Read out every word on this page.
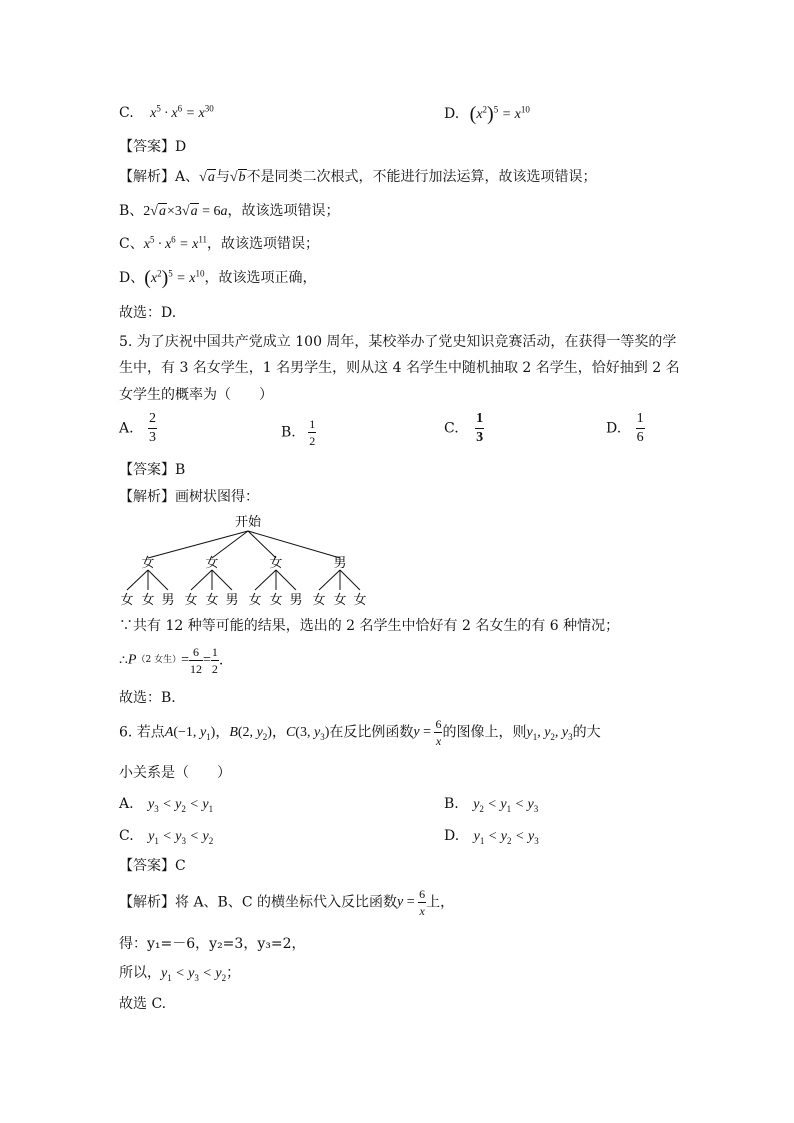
C. $x^5 \cdot x^6 = x^{30}$	D. $(x^2)^5 = x^{10}$
【答案】D
【解析】A、√a与√b不是同类二次根式，不能进行加法运算，故该选项错误；
B、2√a×3√a = 6a，故该选项错误；
C、$x^5 \cdot x^6 = x^{11}$，故该选项错误；
D、$(x^2)^5 = x^{10}$，故该选项正确，
故选：D.
5. 为了庆祝中国共产党成立 100 周年，某校举办了党史知识竞赛活动，在获得一等奖的学
生中，有 3 名女学生，1 名男学生，则从这 4 名学生中随机抽取 2 名学生，恰好抽到 2 名
女学生的概率为（　　）
A. $\frac{2}{3}$	B. $\frac{1}{2}$	C. $\frac{1}{3}$	D. $\frac{1}{6}$
【答案】B
【解析】画树状图得：
开始
女	女	女	男
女 女 男 女 女 男 女 女 男 女 女 女
∵共有 12 种等可能的结果，选出的 2 名学生中恰好有 2 名女生的有 6 种情况；
∴P（2 女生）= $\frac{6}{12} = \frac{1}{2}$ .
故选：B.
6. 若点A(−1, $y_1$)，B(2, $y_2$)，C(3, $y_3$)在反比例函数$y = \frac{6}{x}$ 的图像上，则$y_1$, $y_2$, $y_3$的大
小关系是（　　）
A. $y_3 < y_2 < y_1$	B. $y_2 < y_1 < y_3$
C. $y_1 < y_3 < y_2$	D. $y_1 < y_2 < y_3$
【答案】C
【解析】将 A、B、C 的横坐标代入反比函数$y = \frac{6}{x}$ 上，
得：y₁=－6，y₂=3，y₃=2，
所以，$y_1 < y_3 < y_2$；
故选 C.
